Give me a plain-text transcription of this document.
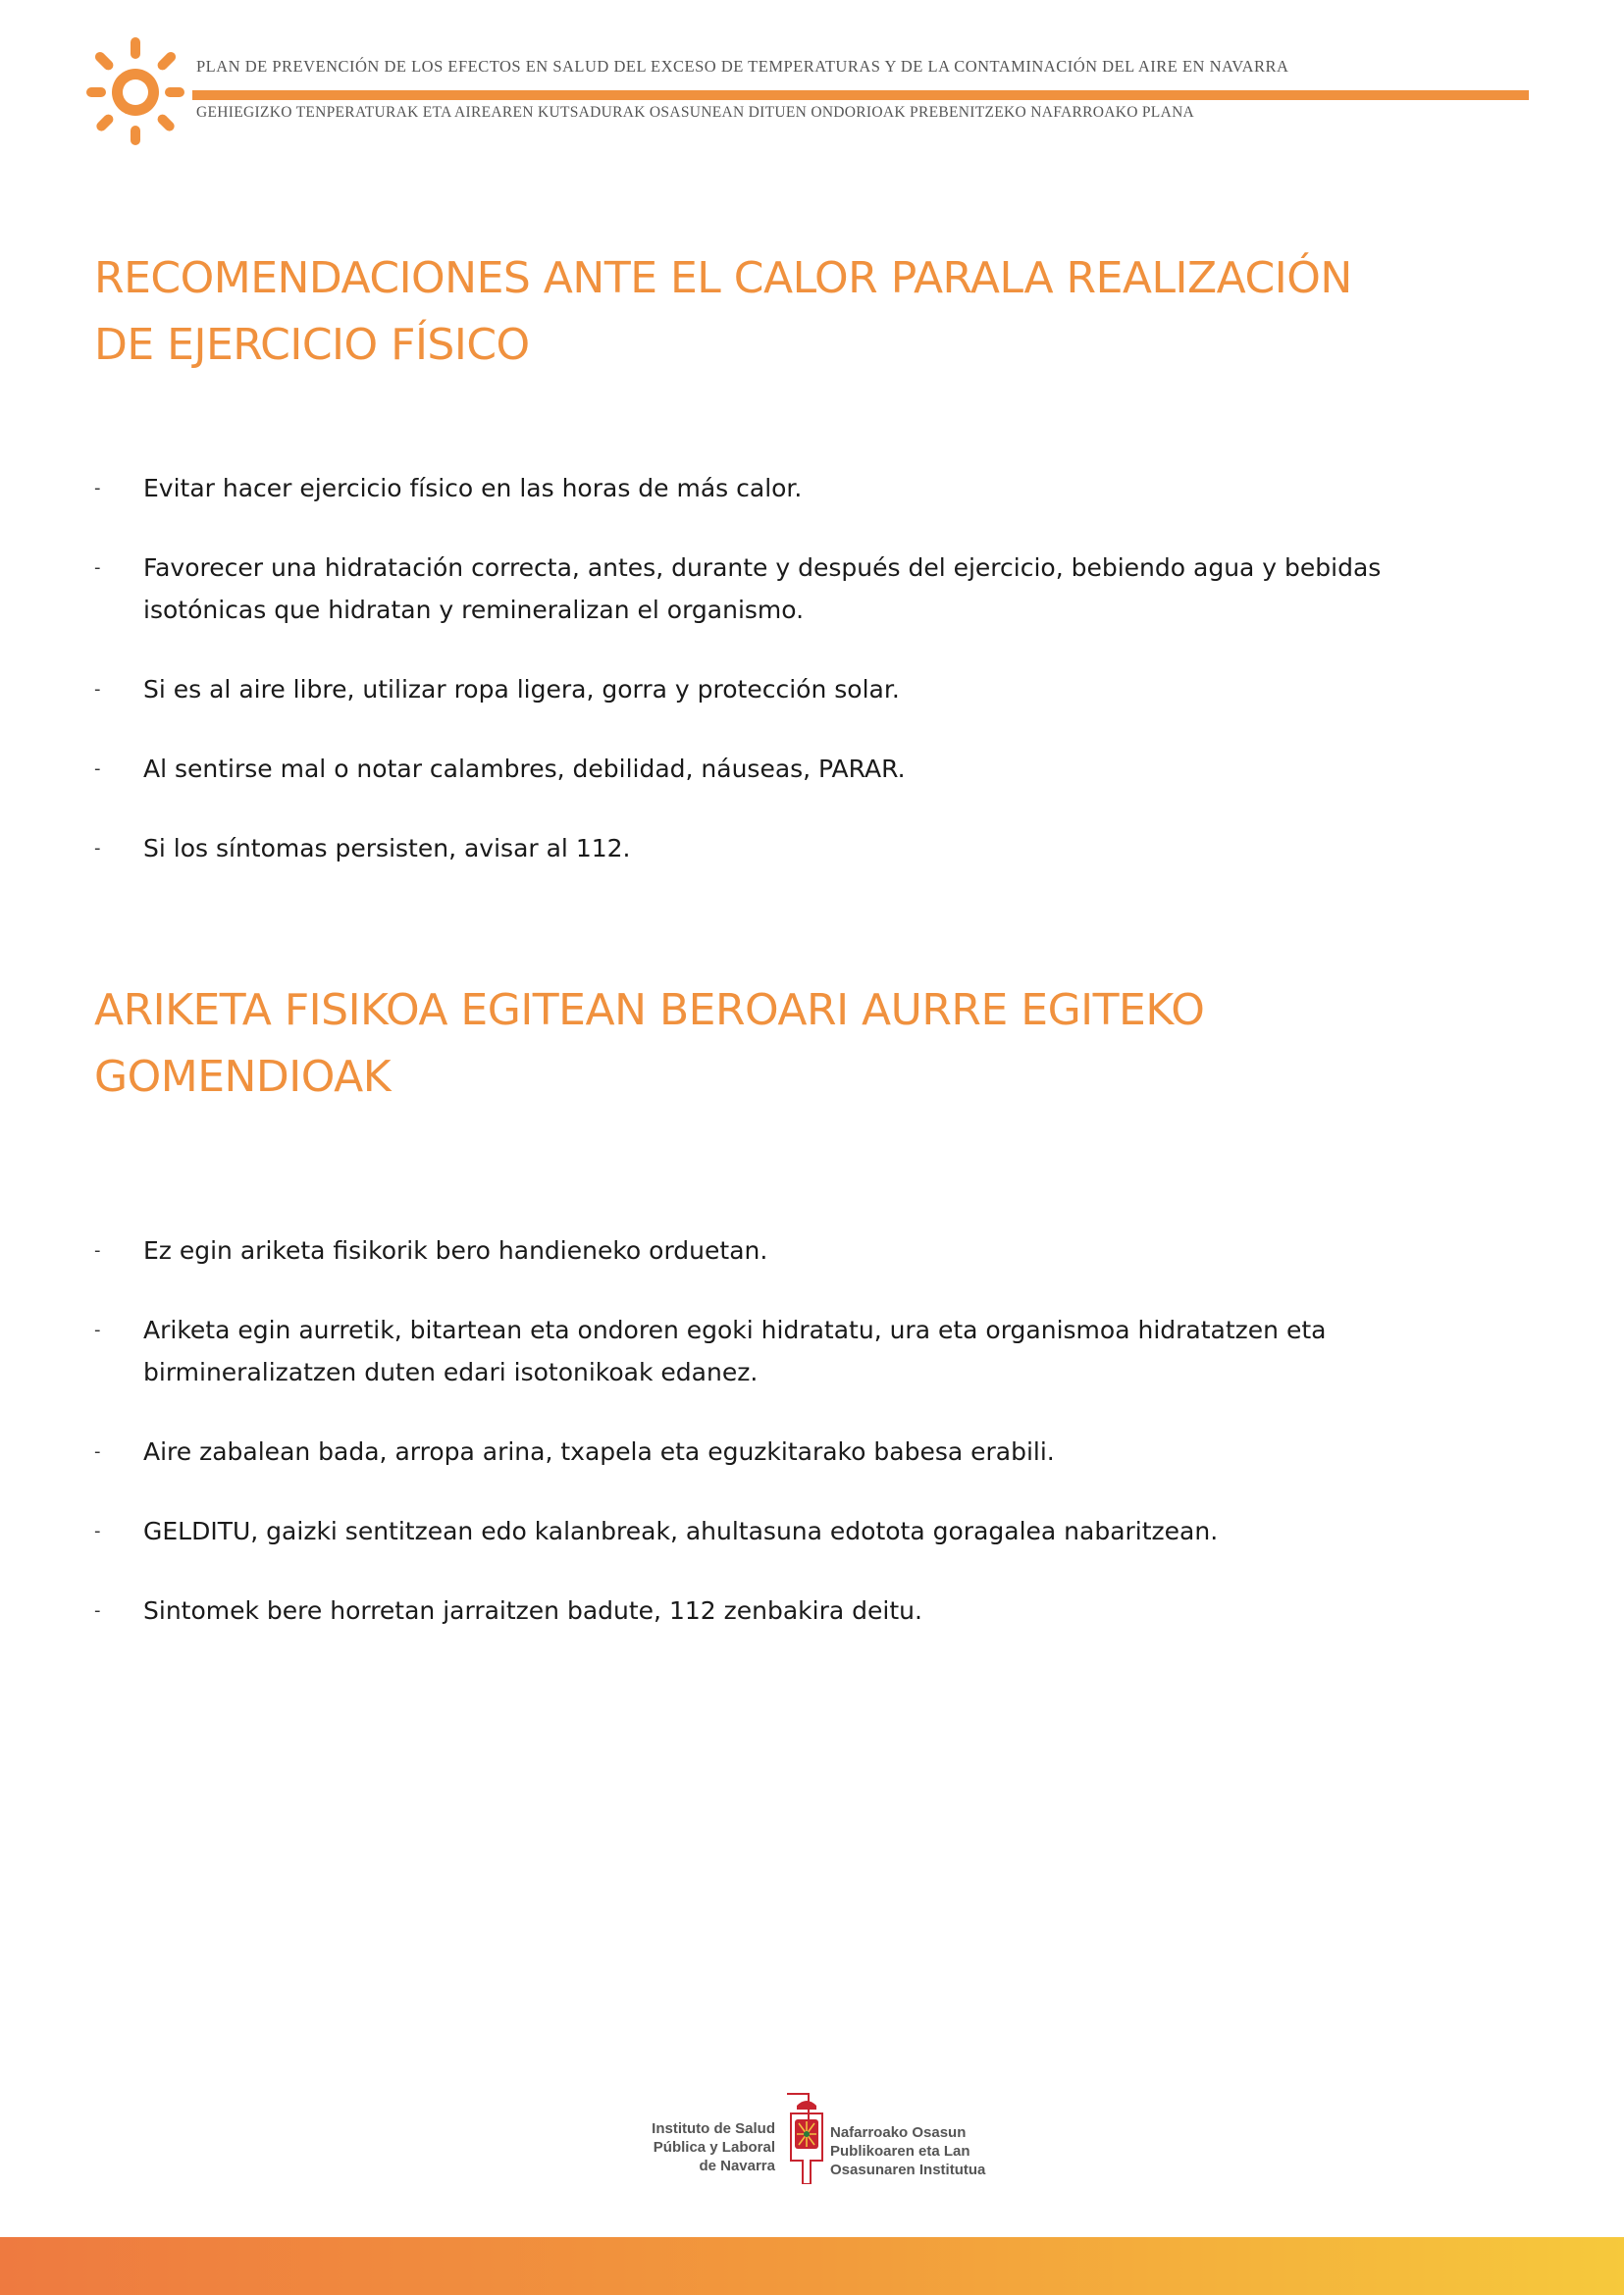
PLAN DE PREVENCIÓN DE LOS EFECTOS EN SALUD DEL EXCESO DE TEMPERATURAS Y DE LA CONTAMINACIÓN DEL AIRE EN NAVARRA
GEHIEGIZKO TENPERATURAK ETA AIREAREN KUTSADURAK OSASUNEAN DITUEN ONDORIOAK PREBENITZEKO NAFARROAKO PLANA
RECOMENDACIONES ANTE EL CALOR PARALA REALIZACIÓN
DE EJERCICIO FÍSICO
- Evitar hacer ejercicio físico en las horas de más calor.
- Favorecer una hidratación correcta, antes, durante y después del ejercicio, bebiendo agua y bebidas
isotónicas que hidratan y remineralizan el organismo.
- Si es al aire libre, utilizar ropa ligera, gorra y protección solar.
- Al sentirse mal o notar calambres, debilidad, náuseas, PARAR.
- Si los síntomas persisten, avisar al 112.
ARIKETA FISIKOA EGITEAN BEROARI AURRE EGITEKO
GOMENDIOAK
- Ez egin ariketa fisikorik bero handieneko orduetan.
- Ariketa egin aurretik, bitartean eta ondoren egoki hidratatu, ura eta organismoa hidratatzen eta
birmineralizatzen duten edari isotonikoak edanez.
- Aire zabalean bada, arropa arina, txapela eta eguzkitarako babesa erabili.
- GELDITU, gaizki sentitzean edo kalanbreak, ahultasuna edotota goragalea nabaritzean.
- Sintomek bere horretan jarraitzen badute, 112 zenbakira deitu.
Instituto de Salud
Pública y Laboral
de Navarra
Nafarroako Osasun
Publikoaren eta Lan
Osasunaren Institutua
